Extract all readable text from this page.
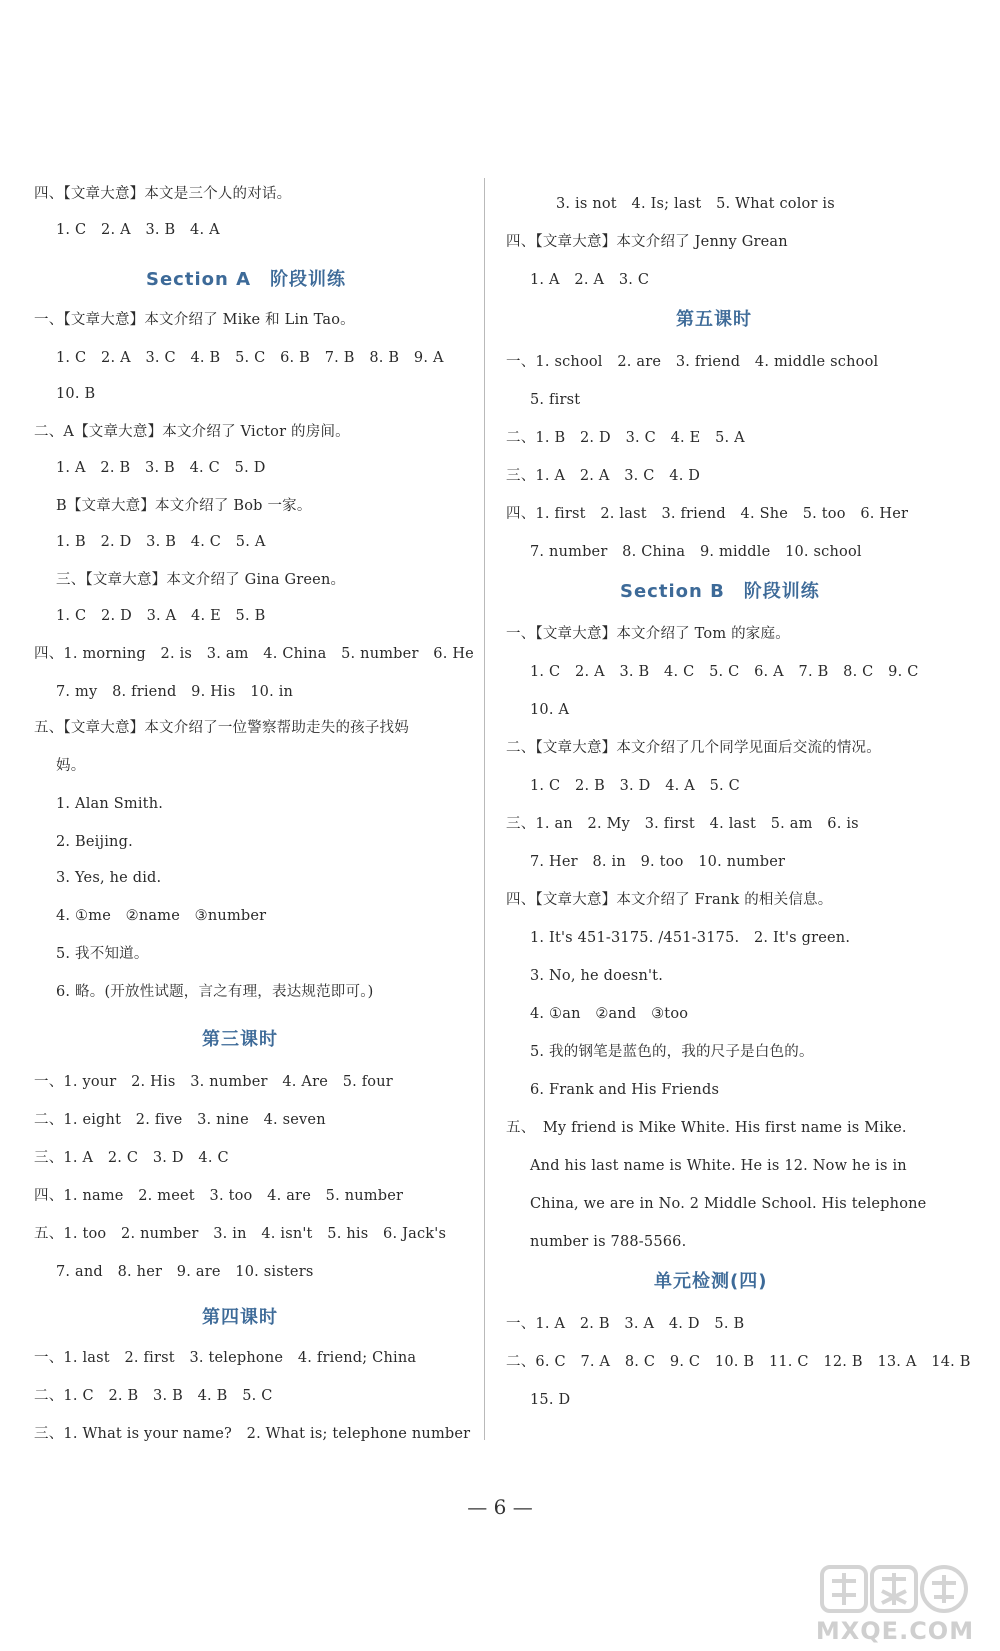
四、【文章大意】本文是三个人的对话。
1. C　2. A　3. B　4. A
Section A　阶段训练
一、【文章大意】本文介绍了 Mike 和 Lin Tao。
1. C　2. A　3. C　4. B　5. C　6. B　7. B　8. B　9. A
10. B
二、A【文章大意】本文介绍了 Victor 的房间。
1. A　2. B　3. B　4. C　5. D
B【文章大意】本文介绍了 Bob 一家。
1. B　2. D　3. B　4. C　5. A
三、【文章大意】本文介绍了 Gina Green。
1. C　2. D　3. A　4. E　5. B
四、1. morning　2. is　3. am　4. China　5. number　6. He
7. my　8. friend　9. His　10. in
五、【文章大意】本文介绍了一位警察帮助走失的孩子找妈
妈。
1. Alan Smith.
2. Beijing.
3. Yes, he did.
4. ①me　②name　③number
5. 我不知道。
6. 略。(开放性试题，言之有理，表达规范即可。)
第三课时
一、1. your　2. His　3. number　4. Are　5. four
二、1. eight　2. five　3. nine　4. seven
三、1. A　2. C　3. D　4. C
四、1. name　2. meet　3. too　4. are　5. number
五、1. too　2. number　3. in　4. isn't　5. his　6. Jack's
7. and　8. her　9. are　10. sisters
第四课时
一、1. last　2. first　3. telephone　4. friend; China
二、1. C　2. B　3. B　4. B　5. C
三、1. What is your name?　2. What is; telephone number
3. is not　4. Is; last　5. What color is
四、【文章大意】本文介绍了 Jenny Grean
1. A　2. A　3. C
第五课时
一、1. school　2. are　3. friend　4. middle school
5. first
二、1. B　2. D　3. C　4. E　5. A
三、1. A　2. A　3. C　4. D
四、1. first　2. last　3. friend　4. She　5. too　6. Her
7. number　8. China　9. middle　10. school
Section B　阶段训练
一、【文章大意】本文介绍了 Tom 的家庭。
1. C　2. A　3. B　4. C　5. C　6. A　7. B　8. C　9. C
10. A
二、【文章大意】本文介绍了几个同学见面后交流的情况。
1. C　2. B　3. D　4. A　5. C
三、1. an　2. My　3. first　4. last　5. am　6. is
7. Her　8. in　9. too　10. number
四、【文章大意】本文介绍了 Frank 的相关信息。
1. It's 451-3175. /451-3175.　2. It's green.
3. No, he doesn't.
4. ①an　②and　③too
5. 我的钢笔是蓝色的，我的尺子是白色的。
6. Frank and His Friends
五、　My friend is Mike White. His first name is Mike.
And his last name is White. He is 12. Now he is in
China, we are in No. 2 Middle School. His telephone
number is 788-5566.
单元检测(四)
一、1. A　2. B　3. A　4. D　5. B
二、6. C　7. A　8. C　9. C　10. B　11. C　12. B　13. A　14. B
15. D
— 6 —
MXQE.COM
